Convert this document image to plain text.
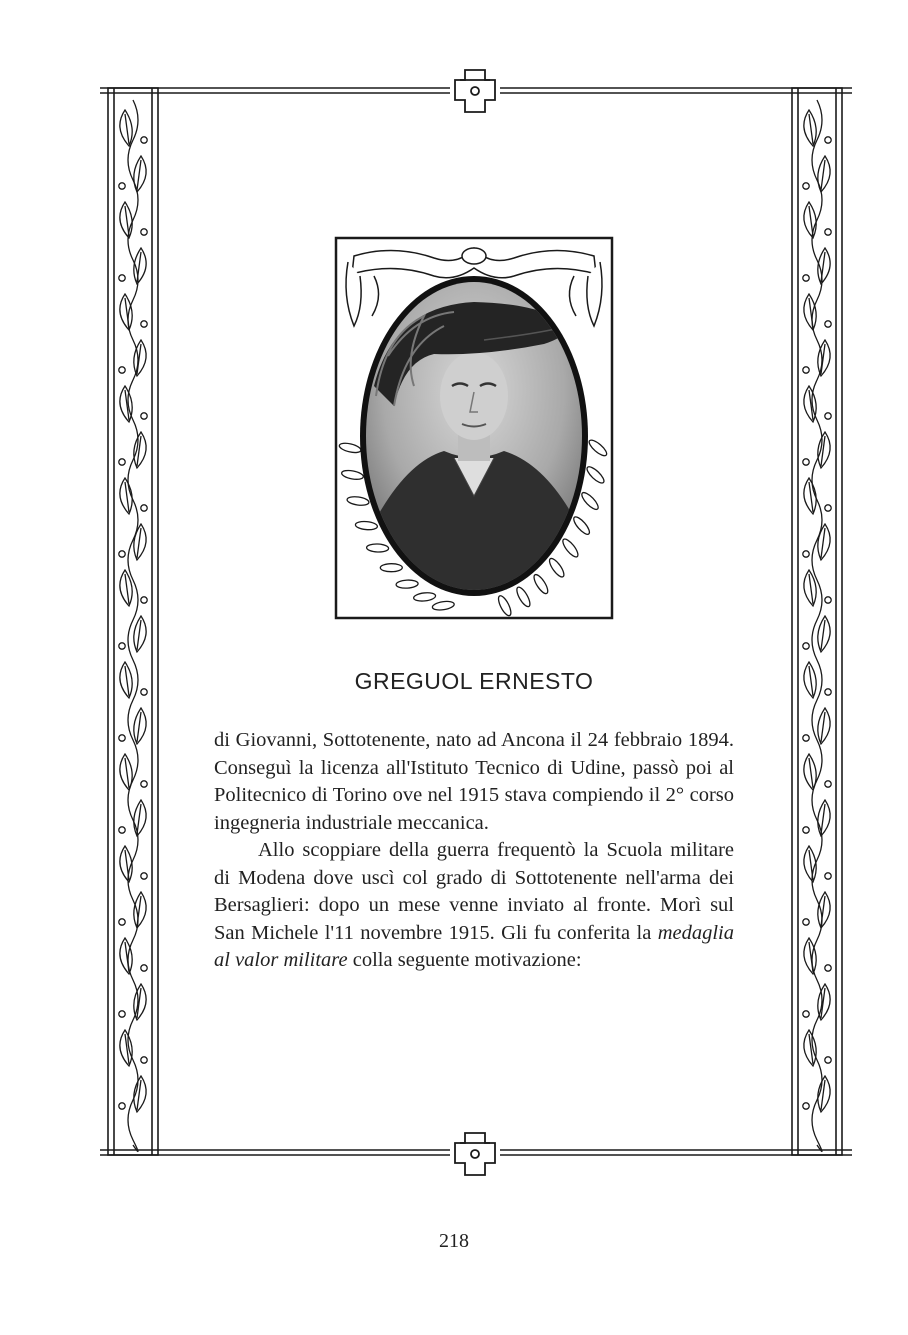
GREGUOL ERNESTO

di Giovanni, Sottotenente, nato ad Ancona il 24 febbraio 1894. Conseguì la licenza all'Istituto Tecnico di Udine, passò poi al Politecnico di Torino ove nel 1915 stava compiendo il 2° corso ingegneria industriale meccanica.

Allo scoppiare della guerra frequentò la Scuola militare di Modena dove uscì col grado di Sottotenente nell'arma dei Bersaglieri: dopo un mese venne inviato al fronte. Morì sul San Michele l'11 novembre 1915. Gli fu conferita la medaglia al valor militare colla seguente motivazione:

218
